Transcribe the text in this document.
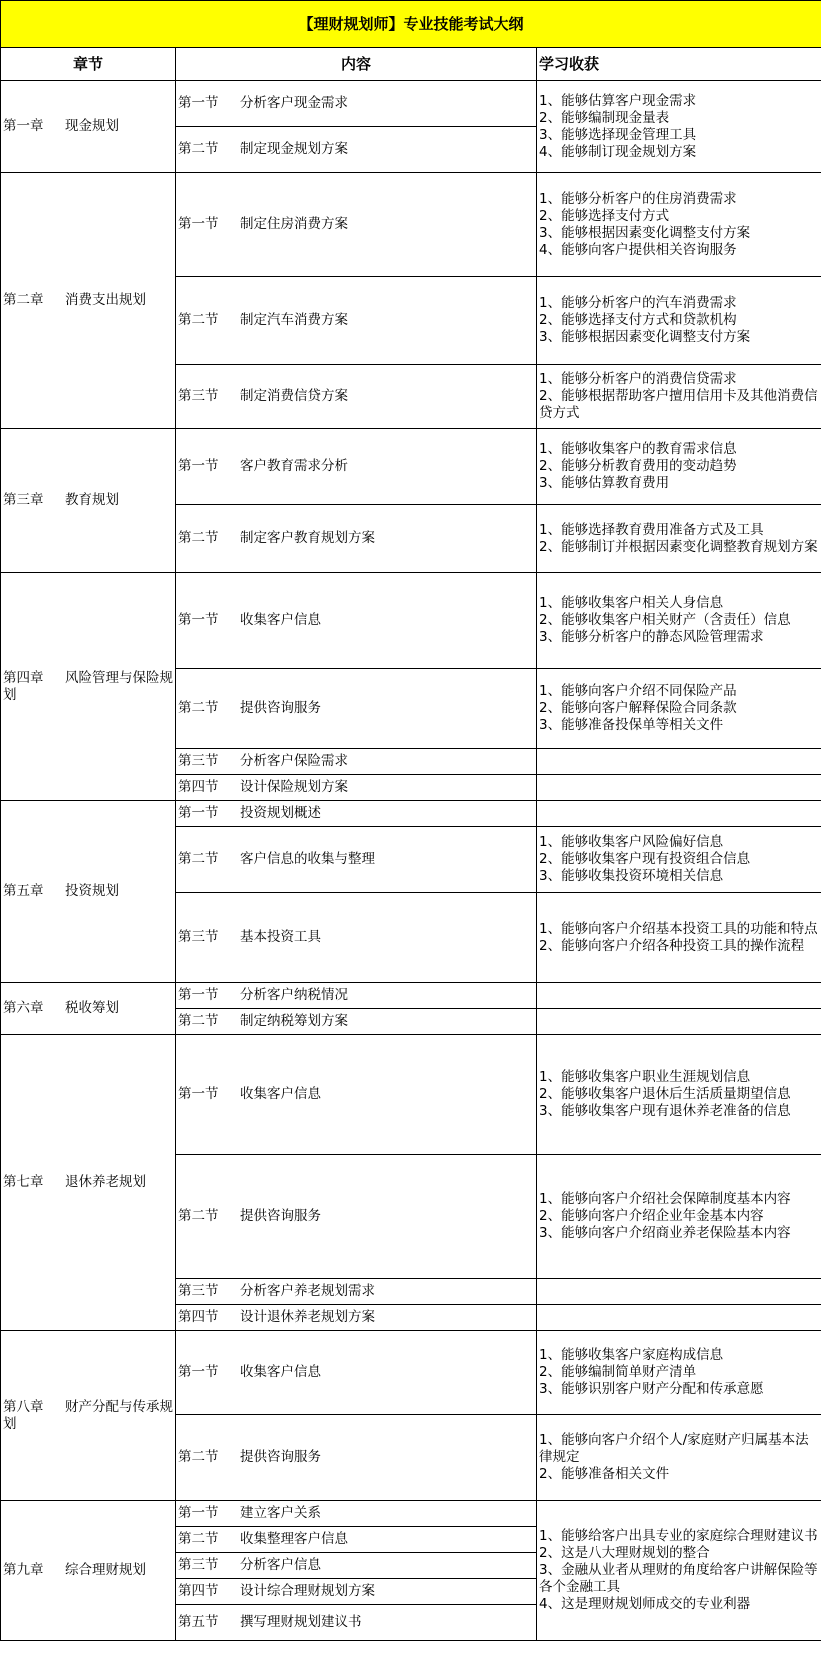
【理财规划师】专业技能考试大纲		
章节	内容	学习收获
第一章 现金规划	第一节 分析客户现金需求	1、能够估算客户现金需求
2、能够编制现金量表
3、能够选择现金管理工具
4、能够制订现金规划方案

	第二节 制定现金规划方案	
第二章 消费支出规划	第一节 制定住房消费方案	1、能够分析客户的住房消费需求
2、能够选择支付方式
3、能够根据因素变化调整支付方案
4、能够向客户提供相关咨询服务

	第二节 制定汽车消费方案	1、能够分析客户的汽车消费需求
2、能够选择支付方式和贷款机构
3、能够根据因素变化调整支付方案

	第三节 制定消费信贷方案	1、能够分析客户的消费信贷需求
2、能够根据帮助客户擅用信用卡及其他消费信贷方式

第三章 教育规划	第一节 客户教育需求分析	1、能够收集客户的教育需求信息
2、能够分析教育费用的变动趋势
3、能够估算教育费用

	第二节 制定客户教育规划方案	1、能够选择教育费用准备方式及工具
2、能够制订并根据因素变化调整教育规划方案

第四章 风险管理与保险规划	第一节 收集客户信息	1、能够收集客户相关人身信息
2、能够收集客户相关财产（含责任）信息
3、能够分析客户的静态风险管理需求

	第二节 提供咨询服务	1、能够向客户介绍不同保险产品
2、能够向客户解释保险合同条款
3、能够准备投保单等相关文件

	第三节 分析客户保险需求	
	第四节 设计保险规划方案	
第五章 投资规划	第一节 投资规划概述	
	第二节 客户信息的收集与整理	1、能够收集客户风险偏好信息
2、能够收集客户现有投资组合信息
3、能够收集投资环境相关信息

	第三节 基本投资工具	1、能够向客户介绍基本投资工具的功能和特点
2、能够向客户介绍各种投资工具的操作流程

第六章 税收筹划	第一节 分析客户纳税情况	
	第二节 制定纳税筹划方案	
第七章 退休养老规划	第一节 收集客户信息	1、能够收集客户职业生涯规划信息
2、能够收集客户退休后生活质量期望信息
3、能够收集客户现有退休养老准备的信息

	第二节 提供咨询服务	1、能够向客户介绍社会保障制度基本内容
2、能够向客户介绍企业年金基本内容
3、能够向客户介绍商业养老保险基本内容

	第三节 分析客户养老规划需求	
	第四节 设计退休养老规划方案	
第八章 财产分配与传承规划	第一节 收集客户信息	1、能够收集客户家庭构成信息
2、能够编制简单财产清单
3、能够识别客户财产分配和传承意愿

	第二节 提供咨询服务	1、能够向客户介绍个人/家庭财产归属基本法律规定
2、能够准备相关文件

第九章 综合理财规划	第一节 建立客户关系	1、能够给客户出具专业的家庭综合理财建议书
2、这是八大理财规划的整合
3、金融从业者从理财的角度给客户讲解保险等各个金融工具
4、这是理财规划师成交的专业利器

	第二节 收集整理客户信息	
	第三节 分析客户信息	
	第四节 设计综合理财规划方案	
	第五节 撰写理财规划建议书	
